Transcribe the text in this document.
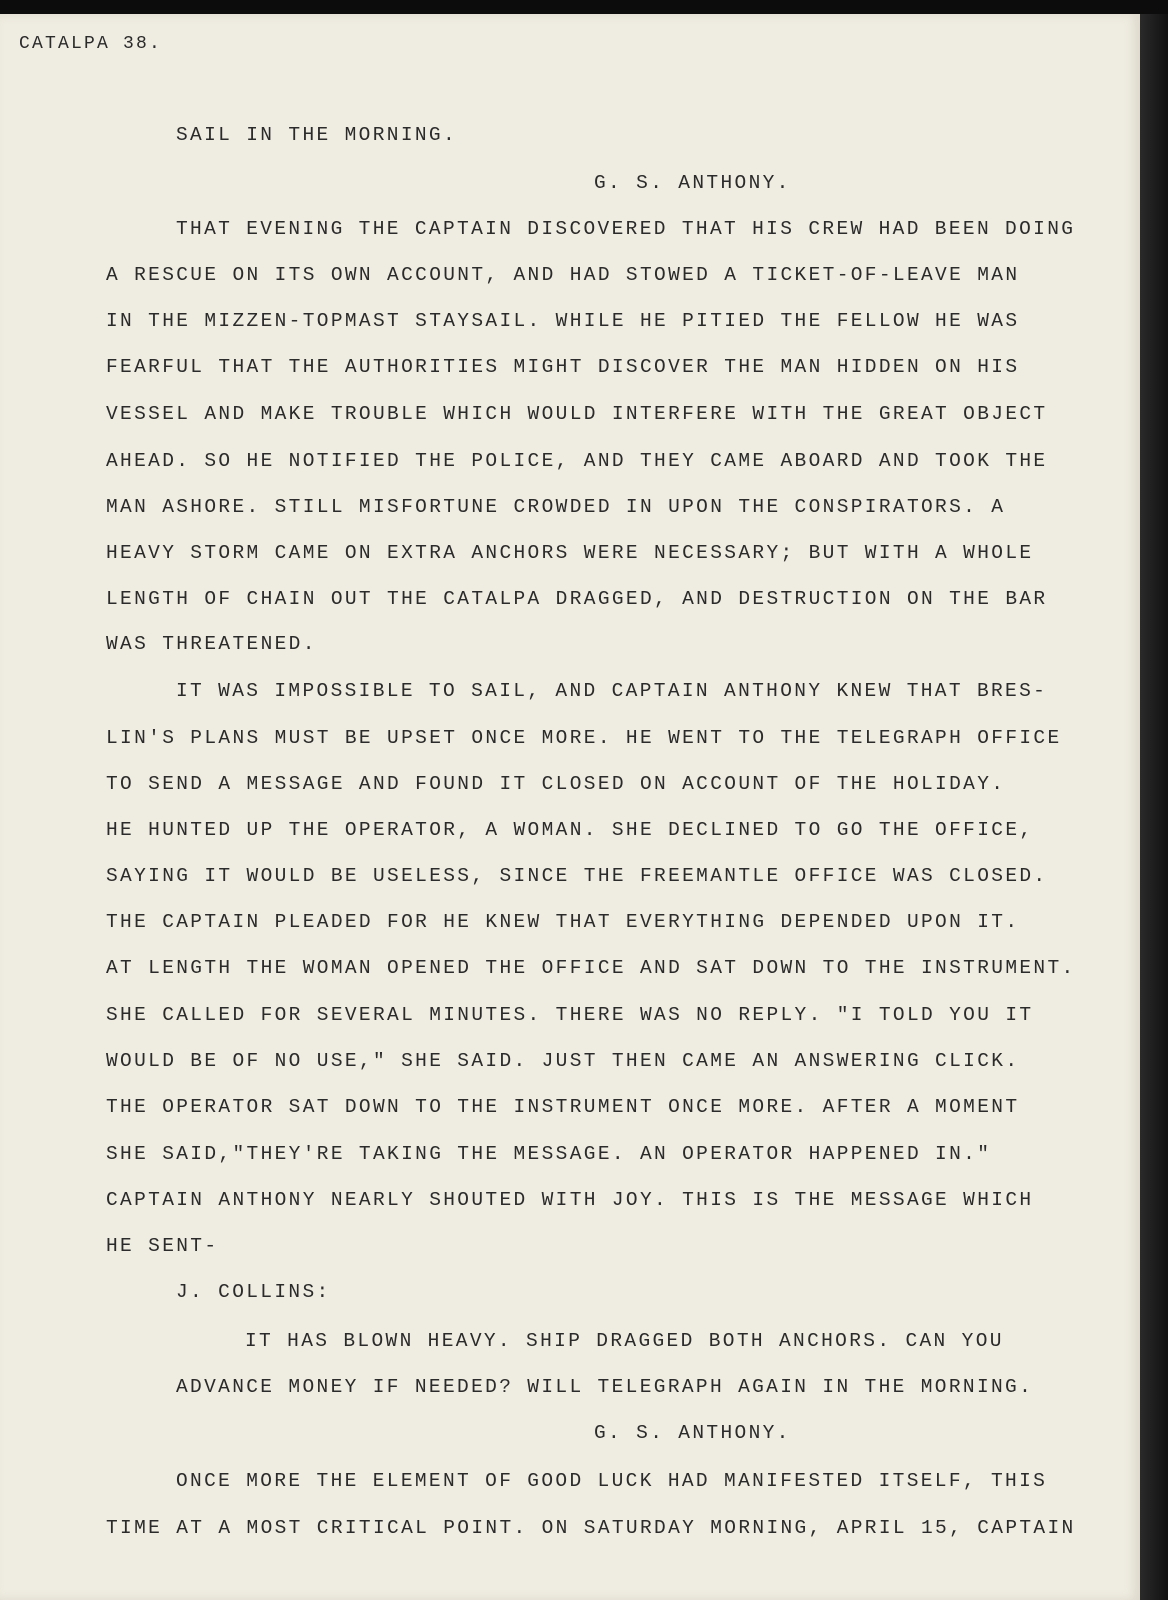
CATALPA 38.

SAIL IN THE MORNING.

G. S. ANTHONY.

THAT EVENING THE CAPTAIN DISCOVERED THAT HIS CREW HAD BEEN DOING

A RESCUE ON ITS OWN ACCOUNT, AND HAD STOWED A TICKET-OF-LEAVE MAN

IN THE MIZZEN-TOPMAST STAYSAIL. WHILE HE PITIED THE FELLOW HE WAS

FEARFUL THAT THE AUTHORITIES MIGHT DISCOVER THE MAN HIDDEN ON HIS

VESSEL AND MAKE TROUBLE WHICH WOULD INTERFERE WITH THE GREAT OBJECT

AHEAD. SO HE NOTIFIED THE POLICE, AND THEY CAME ABOARD AND TOOK THE

MAN ASHORE. STILL MISFORTUNE CROWDED IN UPON THE CONSPIRATORS. A

HEAVY STORM CAME ON EXTRA ANCHORS WERE NECESSARY; BUT WITH A WHOLE

LENGTH OF CHAIN OUT THE CATALPA DRAGGED, AND DESTRUCTION ON THE BAR

WAS THREATENED.

IT WAS IMPOSSIBLE TO SAIL, AND CAPTAIN ANTHONY KNEW THAT BRES-

LIN'S PLANS MUST BE UPSET ONCE MORE. HE WENT TO THE TELEGRAPH OFFICE

TO SEND A MESSAGE AND FOUND IT CLOSED ON ACCOUNT OF THE HOLIDAY.

HE HUNTED UP THE OPERATOR, A WOMAN. SHE DECLINED TO GO THE OFFICE,

SAYING IT WOULD BE USELESS, SINCE THE FREEMANTLE OFFICE WAS CLOSED.

THE CAPTAIN PLEADED FOR HE KNEW THAT EVERYTHING DEPENDED UPON IT.

AT LENGTH THE WOMAN OPENED THE OFFICE AND SAT DOWN TO THE INSTRUMENT.

SHE CALLED FOR SEVERAL MINUTES. THERE WAS NO REPLY. "I TOLD YOU IT

WOULD BE OF NO USE," SHE SAID. JUST THEN CAME AN ANSWERING CLICK.

THE OPERATOR SAT DOWN TO THE INSTRUMENT ONCE MORE. AFTER A MOMENT

SHE SAID,"THEY'RE TAKING THE MESSAGE. AN OPERATOR HAPPENED IN."

CAPTAIN ANTHONY NEARLY SHOUTED WITH JOY. THIS IS THE MESSAGE WHICH

HE SENT-

J. COLLINS:

IT HAS BLOWN HEAVY. SHIP DRAGGED BOTH ANCHORS. CAN YOU

ADVANCE MONEY IF NEEDED? WILL TELEGRAPH AGAIN IN THE MORNING.

G. S. ANTHONY.

ONCE MORE THE ELEMENT OF GOOD LUCK HAD MANIFESTED ITSELF, THIS

TIME AT A MOST CRITICAL POINT. ON SATURDAY MORNING, APRIL 15, CAPTAIN
